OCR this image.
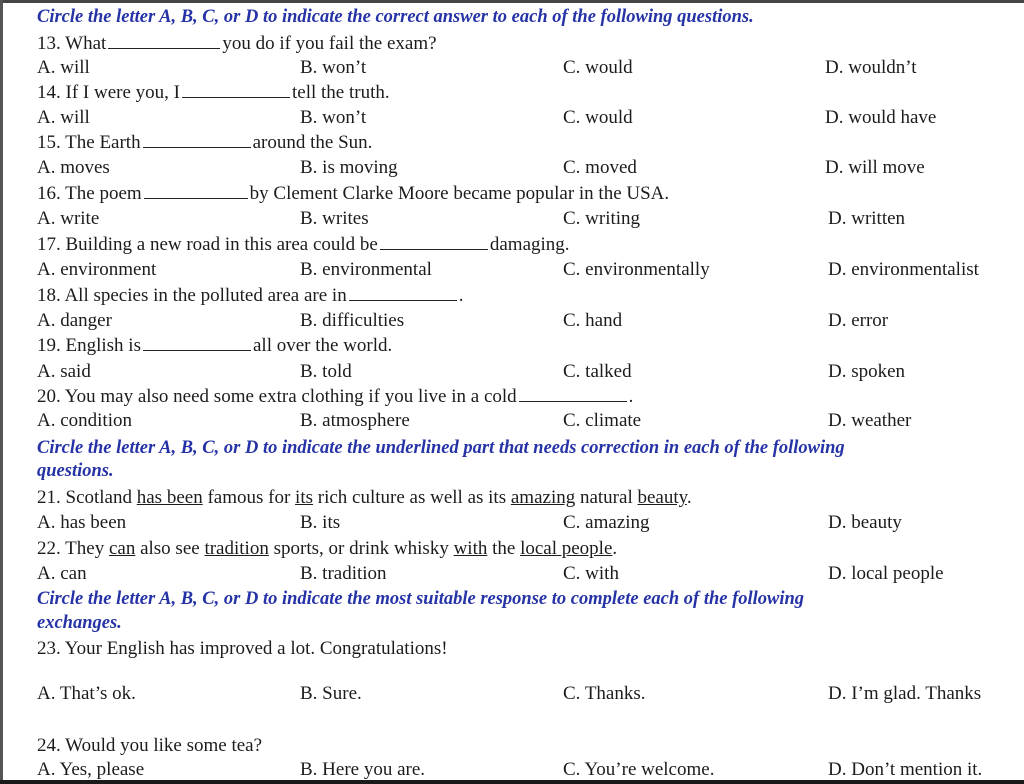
Circle the letter A, B, C, or D to indicate the correct answer to each of the following questions.
13. What	you do if you fail the exam?
A. will	B. won’t	C. would	D. wouldn’t
14. If I were you, I	tell the truth.
A. will	B. won’t	C. would	D. would have
15. The Earth	around the Sun.
A. moves	B. is moving	C. moved	D. will move
16. The poem	by Clement Clarke Moore became popular in the USA.
A. write	B. writes	C. writing	D. written
17. Building a new road in this area could be	damaging.
A. environment	B. environmental	C. environmentally	D. environmentalist
18. All species in the polluted area are in	.
A. danger	B. difficulties	C. hand	D. error
19. English is	all over the world.
A. said	B. told	C. talked	D. spoken
20. You may also need some extra clothing if you live in a cold	.
A. condition	B. atmosphere	C. climate	D. weather
Circle the letter A, B, C, or D to indicate the underlined part that needs correction in each of the following
questions.
21. Scotland has been famous for its rich culture as well as its amazing natural beauty.
A. has been	B. its	C. amazing	D. beauty
22. They can also see tradition sports, or drink whisky with the local people.
A. can	B. tradition	C. with	D. local people
Circle the letter A, B, C, or D to indicate the most suitable response to complete each of the following
exchanges.
23. Your English has improved a lot. Congratulations!
A. That’s ok.	B. Sure.	C. Thanks.	D. I’m glad. Thanks
24. Would you like some tea?
A. Yes, please	B. Here you are.	C. You’re welcome.	D. Don’t mention it.
